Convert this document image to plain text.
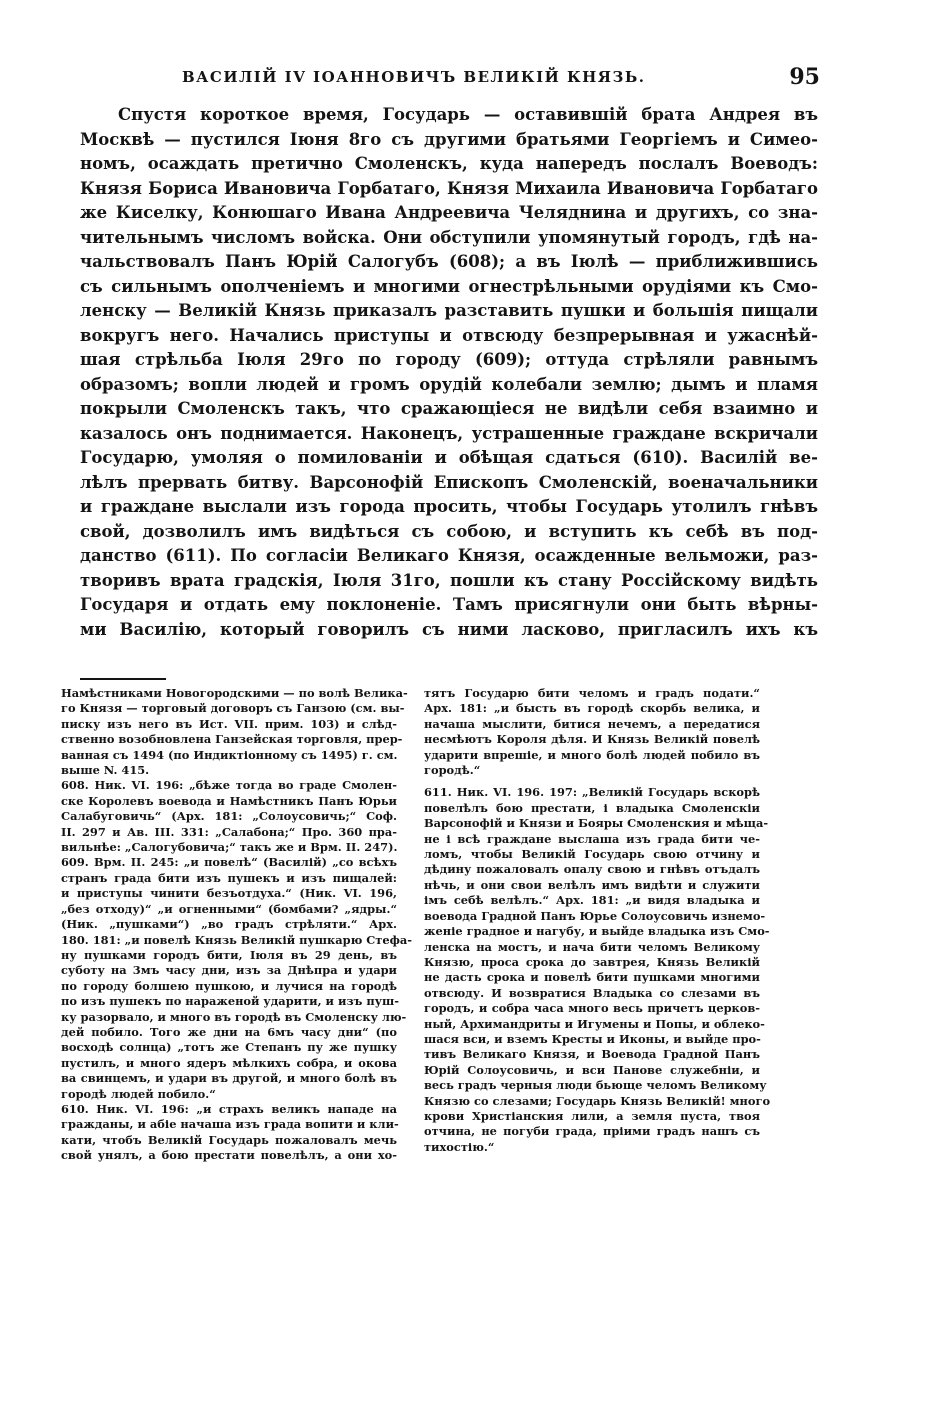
ВАСИЛІЙ IV ІОАННОВИЧЪ ВЕЛИКІЙ КНЯЗЬ.	95
Спустя короткое время, Государь — оставившій брата Андрея въ
Москвѣ — пустился Іюня 8го съ другими братьями Георгіемъ и Симео-
номъ, осаждать претично Смоленскъ, куда напередъ послалъ Воеводъ:
Князя Бориса Ивановича Горбатаго, Князя Михаила Ивановича Горбатаго
же Киселку, Конюшаго Ивана Андреевича Челяднина и другихъ, со зна-
чительнымъ числомъ войска. Они обступили упомянутый городъ, гдѣ на-
чальствовалъ Панъ Юрій Салогубъ (608); а въ Іюлѣ — приближившись
съ сильнымъ ополченіемъ и многими огнестрѣльными орудіями къ Смо-
ленску — Великій Князь приказалъ разставить пушки и большія пищали
вокругъ него. Начались приступы и отвсюду безпрерывная и ужаснѣй-
шая стрѣльба Іюля 29го по городу (609); оттуда стрѣляли равнымъ
образомъ; вопли людей и громъ орудій колебали землю; дымъ и пламя
покрыли Смоленскъ такъ, что сражающіеся не видѣли себя взаимно и
казалось онъ поднимается. Наконецъ, устрашенные граждане вскричали
Государю, умоляя о помилованіи и обѣщая сдаться (610). Василій ве-
лѣлъ прервать битву. Варсонофій Епископъ Смоленскій, военачальники
и граждане выслали изъ города просить, чтобы Государь утолилъ гнѣвъ
свой, дозволилъ имъ видѣться съ собою, и вступить къ себѣ въ под-
данство (611). По согласіи Великаго Князя, осажденные вельможи, раз-
творивъ врата градскія, Іюля 31го, пошли къ стану Россійскому видѣть
Государя и отдать ему поклоненіе. Тамъ присягнули они быть вѣрны-
ми Василію, который говорилъ съ ними ласково, пригласилъ ихъ къ
Намѣстниками Новогородскими — по волѣ Велика-
го Князя — торговый договоръ съ Ганзою (см. вы-
писку изъ него въ Ист. VII. прим. 103) и слѣд-
ственно возобновлена Ганзейская торговля, прер-
ванная съ 1494 (по Индиктіонному съ 1495) г. см.
выше N. 415.
608. Ник. VI. 196: „бѣже тогда во граде Смолен-
ске Королевъ воевода и Намѣстникъ Панъ Юрьи
Салабуговичь“ (Арх. 181: „Солоусовичь;“ Соф.
II. 297 и Ав. III. 331: „Салабона;“ Про. 360 пра-
вильнѣе: „Салогубовича;“ такъ же и Врм. II. 247).
609. Врм. II. 245: „и повелѣ“ (Василій) „со всѣхъ
странъ града бити изъ пушекъ и изъ пищалей:
и приступы чинити безъотдуха.“ (Ник. VI. 196,
„без отходу)“ „и огненными“ (бомбами? „ядры.“
(Ник. „пушками“) „во градъ стрѣляти.“ Арх.
180. 181: „и повелѣ Князь Великій пушкарю Стефа-
ну пушками городъ бити, Іюля въ 29 день, въ
суботу на 3мъ часу дни, изъ за Днѣпра и удари
по городу болшею пушкою, и лучися на городѣ
по изъ пушекъ по нараженой ударити, и изъ пуш-
ку разорвало, и много въ городѣ въ Смоленску лю-
дей побило. Того же дни на 6мъ часу дни“ (по
восходѣ солнца) „тотъ же Степанъ пу же пушку
пустилъ, и много ядеръ мѣлкихъ собра, и окова
ва свинцемъ, и удари въ другой, и много болѣ въ
городѣ людей побило.“
610. Ник. VI. 196: „и страхъ великъ нападе на
гражданы, и абіе начаша изъ града вопити и кли-
кати, чтобъ Великій Государь пожаловалъ мечь
свой унялъ, а бою престати повелѣлъ, а они хо-
тятъ Государю бити челомъ и градъ подати.“
Арх. 181: „и бысть въ городѣ скорбь велика, и
начаша мыслити, битися нечемъ, а передатися
несмѣютъ Короля дѣля. И Князь Великій повелѣ
ударити впрешіе, и много болѣ людей побило въ
городѣ.“
611. Ник. VI. 196. 197: „Великій Государь вскорѣ
повелѣлъ бою престати, і владыка Смоленскіи
Варсонофій и Князи и Бояры Смоленския и мѣща-
не і всѣ граждане выслаша изъ града бити че-
ломъ, чтобы Великій Государь свою отчину и
дѣдину пожаловалъ опалу свою и гнѣвъ отъдалъ
нѣчь, и они свои велѣлъ имъ видѣти и служити
імъ себѣ велѣлъ.“ Арх. 181: „и видя владыка и
воевода Градной Панъ Юрье Солоусовичь изнемо-
женіе градное и нагубу, и выйде владыка изъ Смо-
ленска на мостъ, и нача бити челомъ Великому
Князю, проса срока до завтрея, Князь Великій
не дасть срока и повелѣ бити пушками многими
отвсюду. И возвратися Владыка со слезами въ
городъ, и собра часа много весь причетъ церков-
ный, Архимандриты и Игумены и Попы, и облеко-
шася вси, и вземъ Кресты и Иконы, и выйде про-
тивъ Великаго Князя, и Воевода Градной Панъ
Юрій Солоусовичь, и вси Панове служебніи, и
весь градъ черныя люди бьюще челомъ Великому
Князю со слезами; Государь Князь Великій! много
крови Христіанския лили, а земля пуста, твоя
отчина, не погуби града, пріими градъ нашъ съ
тихостію.“
